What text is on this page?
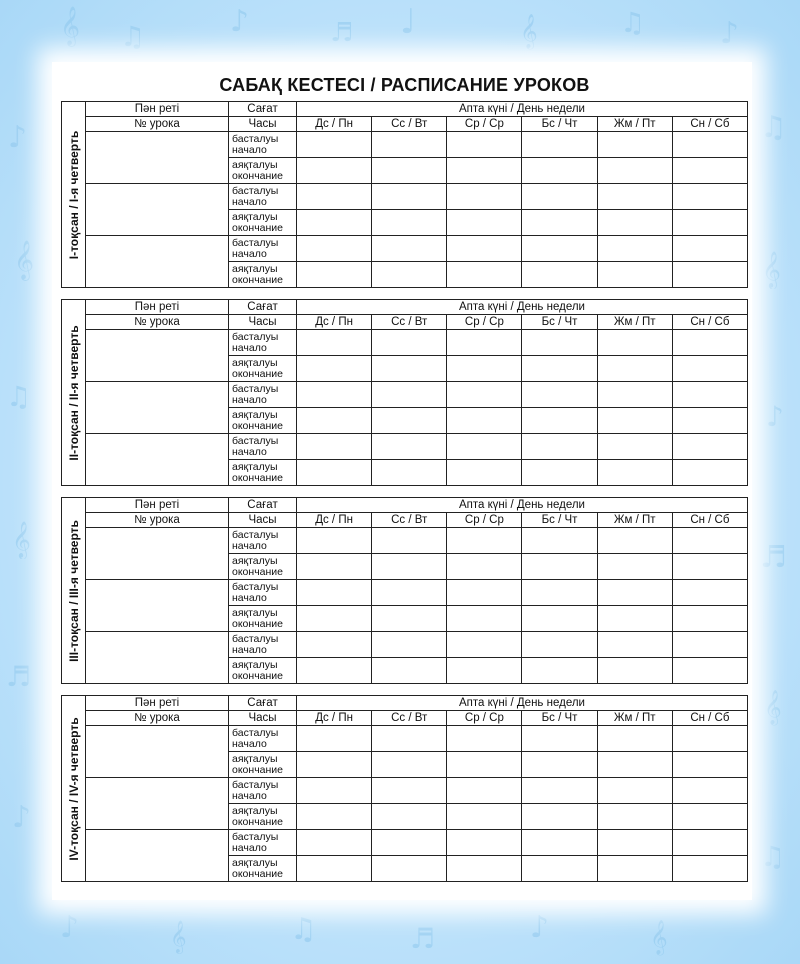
𝄞 ♫	♪	♬ ♩	𝄞	♫ ♪
♪
𝄞
♫
𝄞
♬
♪
♫
𝄞
♪
♬
𝄞
♫
♪	𝄞	♫	♬	♪	𝄞
САБАҚ КЕСТЕСІ / РАСПИСАНИЕ УРОКОВ
I-тоқсан / I-я четверть	Пән реті	Сағат	Апта күні / День недели					
	№ урока	Часы	Дс / Пн	Сс / Вт	Ср / Ср	Бс / Чт	Жм / Пт	Сн / Сб
		басталуы
начало						
		аяқталуы
окончание						
		басталуы
начало						
		аяқталуы
окончание						
		басталуы
начало						
		аяқталуы
окончание						
II-тоқсан / II-я четверть	Пән реті	Сағат	Апта күні / День недели					
	№ урока	Часы	Дс / Пн	Сс / Вт	Ср / Ср	Бс / Чт	Жм / Пт	Сн / Сб
		басталуы
начало						
		аяқталуы
окончание						
		басталуы
начало						
		аяқталуы
окончание						
		басталуы
начало						
		аяқталуы
окончание						
III-тоқсан / III-я четверть	Пән реті	Сағат	Апта күні / День недели					
	№ урока	Часы	Дс / Пн	Сс / Вт	Ср / Ср	Бс / Чт	Жм / Пт	Сн / Сб
		басталуы
начало						
		аяқталуы
окончание						
		басталуы
начало						
		аяқталуы
окончание						
		басталуы
начало						
		аяқталуы
окончание						
IV-тоқсан / IV-я четверть	Пән реті	Сағат	Апта күні / День недели					
	№ урока	Часы	Дс / Пн	Сс / Вт	Ср / Ср	Бс / Чт	Жм / Пт	Сн / Сб
		басталуы
начало						
		аяқталуы
окончание						
		басталуы
начало						
		аяқталуы
окончание						
		басталуы
начало						
		аяқталуы
окончание						
